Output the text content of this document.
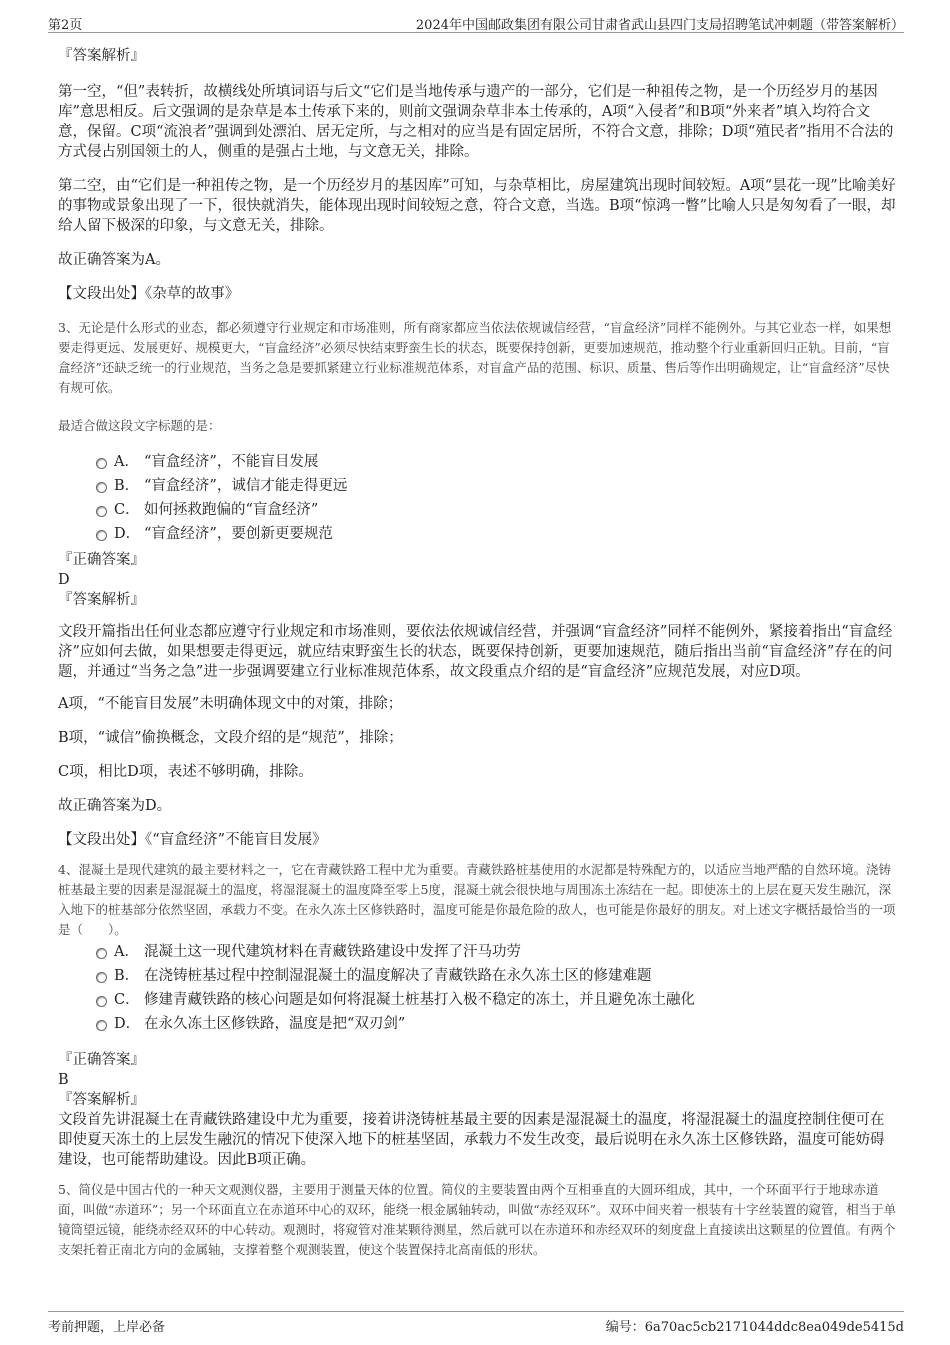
第2页	2024年中国邮政集团有限公司甘肃省武山县四门支局招聘笔试冲刺题（带答案解析）

『答案解析』

第一空，“但”表转折，故横线处所填词语与后文“它们是当地传承与遗产的一部分，它们是一种祖传之物，是一个历经岁月的基因库”意思相反。后文强调的是杂草是本土传承下来的，则前文强调杂草非本土传承的，A项“入侵者”和B项“外来者”填入均符合文意，保留。C项“流浪者”强调到处漂泊、居无定所，与之相对的应当是有固定居所，不符合文意，排除；D项“殖民者”指用不合法的方式侵占别国领土的人，侧重的是强占土地，与文意无关，排除。

第二空，由“它们是一种祖传之物，是一个历经岁月的基因库”可知，与杂草相比，房屋建筑出现时间较短。A项“昙花一现”比喻美好的事物或景象出现了一下，很快就消失，能体现出现时间较短之意，符合文意，当选。B项“惊鸿一瞥”比喻人只是匆匆看了一眼，却给人留下极深的印象，与文意无关，排除。

故正确答案为A。

【文段出处】《杂草的故事》

3、无论是什么形式的业态，都必须遵守行业规定和市场准则，所有商家都应当依法依规诚信经营，“盲盒经济”同样不能例外。与其它业态一样，如果想要走得更远、发展更好、规模更大，“盲盒经济”必须尽快结束野蛮生长的状态，既要保持创新，更要加速规范，推动整个行业重新回归正轨。目前，“盲盒经济”还缺乏统一的行业规范，当务之急是要抓紧建立行业标准规范体系，对盲盒产品的范围、标识、质量、售后等作出明确规定，让“盲盒经济”尽快有规可依。

最适合做这段文字标题的是：

A． “盲盒经济”，不能盲目发展
B． “盲盒经济”，诚信才能走得更远
C． 如何拯救跑偏的“盲盒经济”
D． “盲盒经济”，要创新更要规范

『正确答案』

D

『答案解析』

文段开篇指出任何业态都应遵守行业规定和市场准则，要依法依规诚信经营，并强调“盲盒经济”同样不能例外，紧接着指出“盲盒经济”应如何去做，如果想要走得更远，就应结束野蛮生长的状态，既要保持创新，更要加速规范，随后指出当前“盲盒经济”存在的问题，并通过“当务之急”进一步强调要建立行业标准规范体系，故文段重点介绍的是“盲盒经济”应规范发展，对应D项。

A项，“不能盲目发展”未明确体现文中的对策，排除；

B项，“诚信”偷换概念，文段介绍的是“规范”，排除；

C项，相比D项，表述不够明确，排除。

故正确答案为D。

【文段出处】《“盲盒经济”不能盲目发展》

4、混凝土是现代建筑的最主要材料之一，它在青藏铁路工程中尤为重要。青藏铁路桩基使用的水泥都是特殊配方的，以适应当地严酷的自然环境。浇铸桩基最主要的因素是湿混凝土的温度，将湿混凝土的温度降至零上5度，混凝土就会很快地与周围冻土冻结在一起。即使冻土的上层在夏天发生融沉，深入地下的桩基部分依然坚固，承载力不变。在永久冻土区修铁路时，温度可能是你最危险的敌人，也可能是你最好的朋友。对上述文字概括最恰当的一项是（　　）。

A． 混凝土这一现代建筑材料在青藏铁路建设中发挥了汗马功劳
B． 在浇铸桩基过程中控制湿混凝土的温度解决了青藏铁路在永久冻土区的修建难题
C． 修建青藏铁路的核心问题是如何将混凝土桩基打入极不稳定的冻土，并且避免冻土融化
D． 在永久冻土区修铁路，温度是把“双刃剑”

『正确答案』

B

『答案解析』

文段首先讲混凝土在青藏铁路建设中尤为重要，接着讲浇铸桩基最主要的因素是湿混凝土的温度，将湿混凝土的温度控制住便可在即使夏天冻土的上层发生融沉的情况下使深入地下的桩基坚固，承载力不发生改变，最后说明在永久冻土区修铁路，温度可能妨碍建设，也可能帮助建设。因此B项正确。

5、简仪是中国古代的一种天文观测仪器，主要用于测量天体的位置。简仪的主要装置由两个互相垂直的大圆环组成，其中，一个环面平行于地球赤道面，叫做“赤道环”；另一个环面直立在赤道环中心的双环，能绕一根金属轴转动，叫做“赤经双环”。双环中间夹着一根装有十字丝装置的窥管，相当于单镜筒望远镜，能绕赤经双环的中心转动。观测时，将窥管对准某颗待测星，然后就可以在赤道环和赤经双环的刻度盘上直接读出这颗星的位置值。有两个支架托着正南北方向的金属轴，支撑着整个观测装置，使这个装置保持北高南低的形状。

考前押题，上岸必备	编号：6a70ac5cb2171044ddc8ea049de5415d
